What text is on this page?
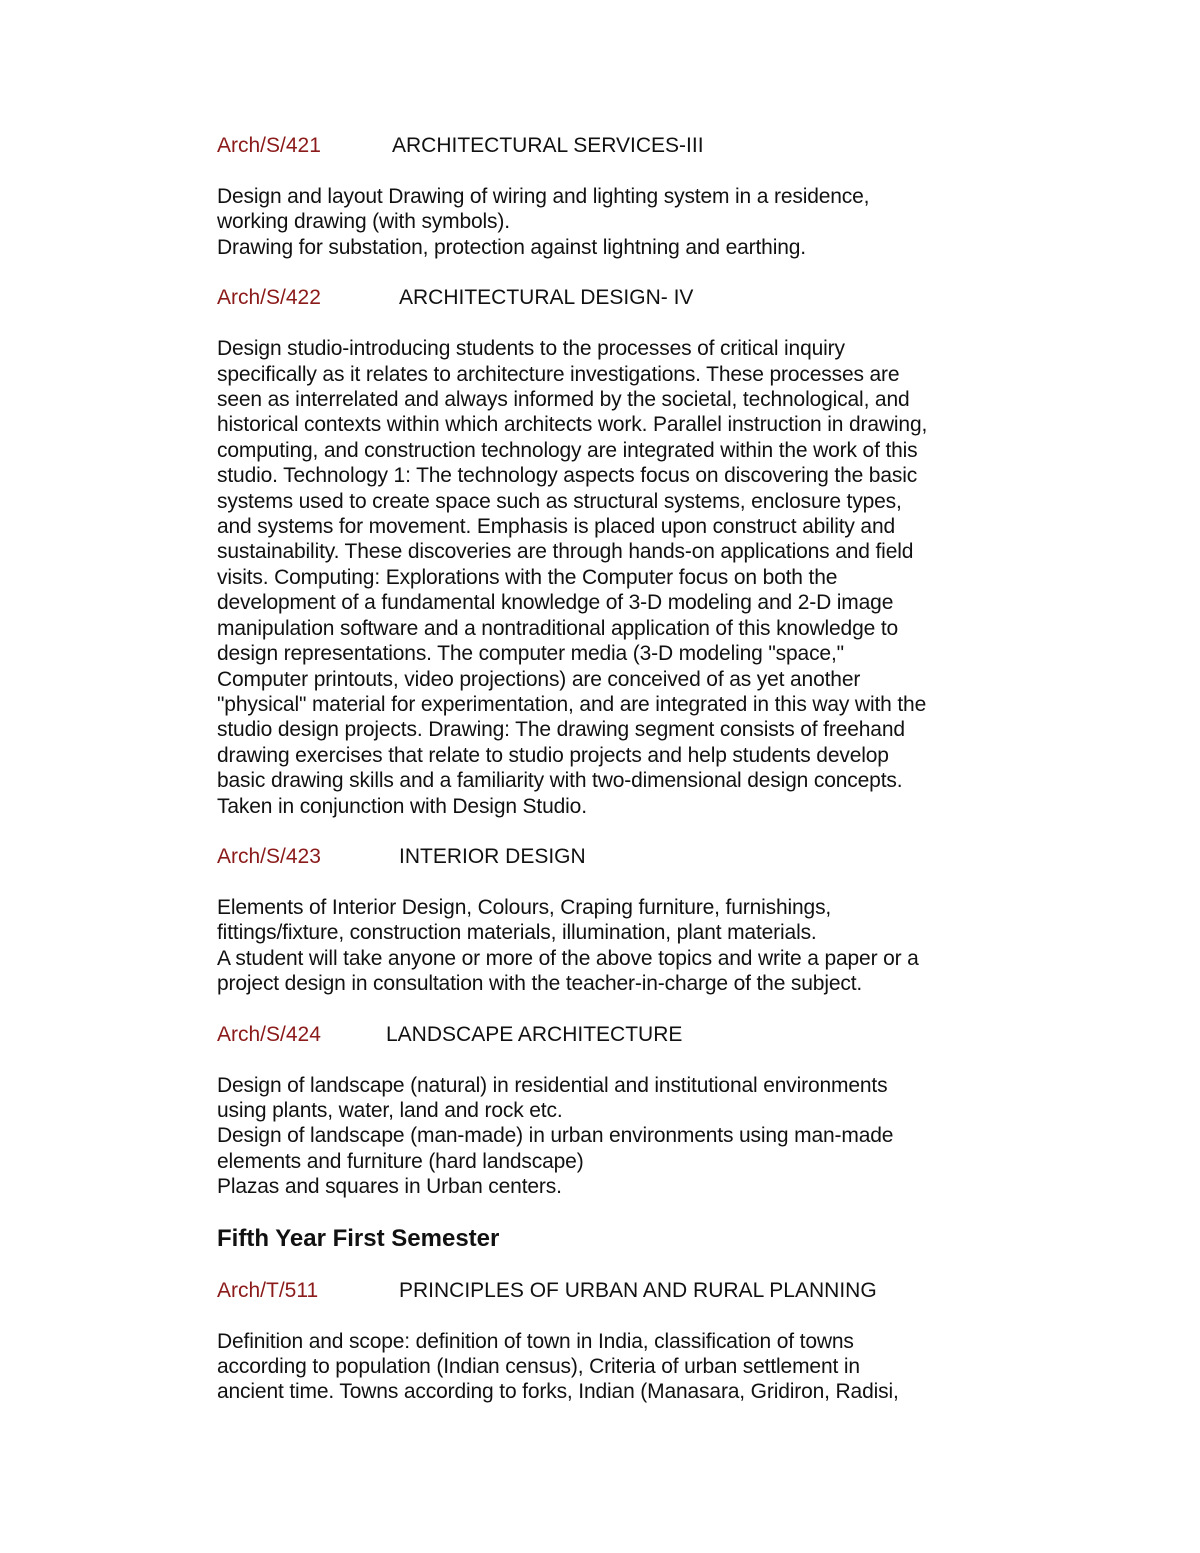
Arch/S/421	ARCHITECTURAL SERVICES-III

Design and layout Drawing of wiring and lighting system in a residence,
working drawing (with symbols).
Drawing for substation, protection against lightning and earthing.

Arch/S/422	ARCHITECTURAL DESIGN- IV

Design studio-introducing students to the processes of critical inquiry
specifically as it relates to architecture investigations. These processes are
seen as interrelated and always informed by the societal, technological, and
historical contexts within which architects work. Parallel instruction in drawing,
computing, and construction technology are integrated within the work of this
studio. Technology 1: The technology aspects focus on discovering the basic
systems used to create space such as structural systems, enclosure types,
and systems for movement. Emphasis is placed upon construct ability and
sustainability. These discoveries are through hands-on applications and field
visits. Computing: Explorations with the Computer focus on both the
development of a fundamental knowledge of 3-D modeling and 2-D image
manipulation software and a nontraditional application of this knowledge to
design representations. The computer media (3-D modeling "space,"
Computer printouts, video projections) are conceived of as yet another
"physical" material for experimentation, and are integrated in this way with the
studio design projects. Drawing: The drawing segment consists of freehand
drawing exercises that relate to studio projects and help students develop
basic drawing skills and a familiarity with two-dimensional design concepts.
Taken in conjunction with Design Studio.

Arch/S/423	INTERIOR DESIGN

Elements of Interior Design, Colours, Craping furniture, furnishings,
fittings/fixture, construction materials, illumination, plant materials.
A student will take anyone or more of the above topics and write a paper or a
project design in consultation with the teacher-in-charge of the subject.

Arch/S/424	LANDSCAPE ARCHITECTURE

Design of landscape (natural) in residential and institutional environments
using plants, water, land and rock etc.
Design of landscape (man-made) in urban environments using man-made
elements and furniture (hard landscape)
Plazas and squares in Urban centers.

Fifth Year First Semester
Arch/T/511	PRINCIPLES OF URBAN AND RURAL PLANNING

Definition and scope: definition of town in India, classification of towns
according to population (Indian census), Criteria of urban settlement in
ancient time. Towns according to forks, Indian (Manasara, Gridiron, Radisi,
